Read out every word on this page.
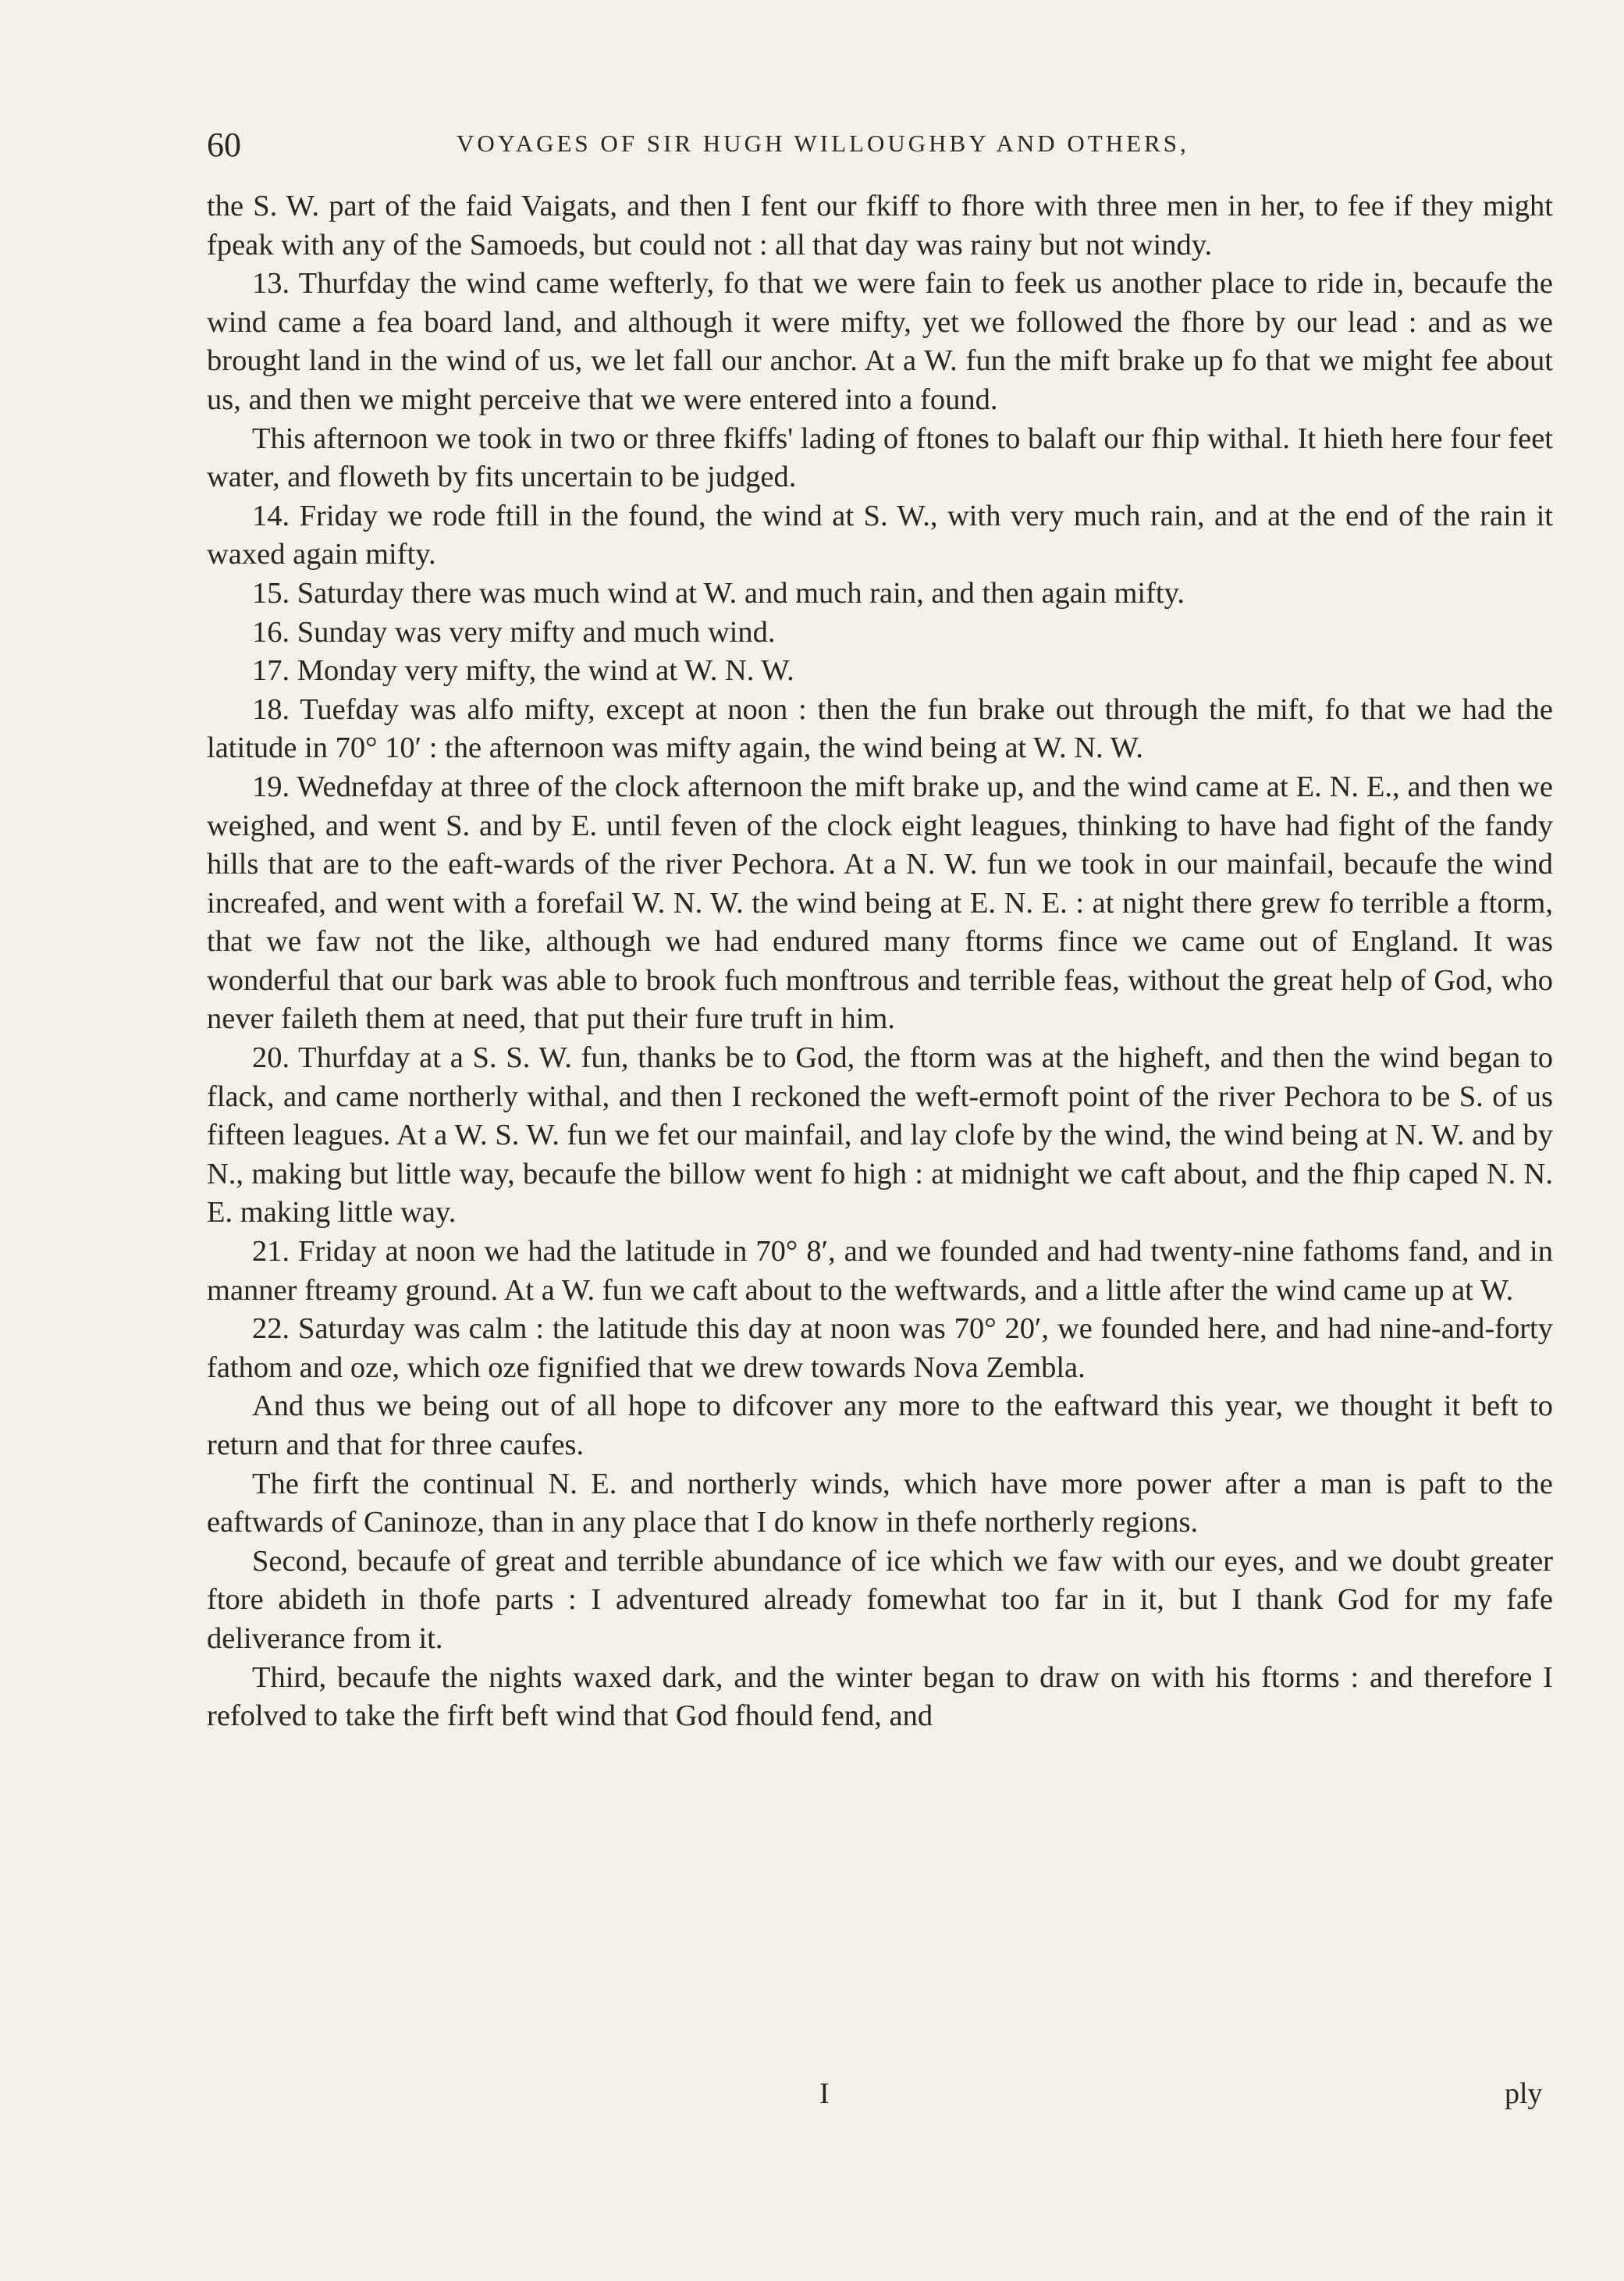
60	VOYAGES OF SIR HUGH WILLOUGHBY AND OTHERS,

the S. W. part of the faid Vaigats, and then I fent our fkiff to fhore with three men in her, to fee if they might fpeak with any of the Samoeds, but could not : all that day was rainy but not windy.

13. Thurfday the wind came wefterly, fo that we were fain to feek us another place to ride in, becaufe the wind came a fea board land, and although it were mifty, yet we followed the fhore by our lead : and as we brought land in the wind of us, we let fall our anchor. At a W. fun the mift brake up fo that we might fee about us, and then we might perceive that we were entered into a found.

This afternoon we took in two or three fkiffs' lading of ftones to balaft our fhip withal. It hieth here four feet water, and floweth by fits uncertain to be judged.

14. Friday we rode ftill in the found, the wind at S. W., with very much rain, and at the end of the rain it waxed again mifty.

15. Saturday there was much wind at W. and much rain, and then again mifty.

16. Sunday was very mifty and much wind.

17. Monday very mifty, the wind at W. N. W.

18. Tuefday was alfo mifty, except at noon : then the fun brake out through the mift, fo that we had the latitude in 70° 10′ : the afternoon was mifty again, the wind being at W. N. W.

19. Wednefday at three of the clock afternoon the mift brake up, and the wind came at E. N. E., and then we weighed, and went S. and by E. until feven of the clock eight leagues, thinking to have had fight of the fandy hills that are to the eaft-wards of the river Pechora. At a N. W. fun we took in our mainfail, becaufe the wind increafed, and went with a forefail W. N. W. the wind being at E. N. E. : at night there grew fo terrible a ftorm, that we faw not the like, although we had endured many ftorms fince we came out of England. It was wonderful that our bark was able to brook fuch monftrous and terrible feas, without the great help of God, who never faileth them at need, that put their fure truft in him.

20. Thurfday at a S. S. W. fun, thanks be to God, the ftorm was at the higheft, and then the wind began to flack, and came northerly withal, and then I reckoned the weft-ermoft point of the river Pechora to be S. of us fifteen leagues. At a W. S. W. fun we fet our mainfail, and lay clofe by the wind, the wind being at N. W. and by N., making but little way, becaufe the billow went fo high : at midnight we caft about, and the fhip caped N. N. E. making little way.

21. Friday at noon we had the latitude in 70° 8′, and we founded and had twenty-nine fathoms fand, and in manner ftreamy ground. At a W. fun we caft about to the weftwards, and a little after the wind came up at W.

22. Saturday was calm : the latitude this day at noon was 70° 20′, we founded here, and had nine-and-forty fathom and oze, which oze fignified that we drew towards Nova Zembla.

And thus we being out of all hope to difcover any more to the eaftward this year, we thought it beft to return and that for three caufes.

The firft the continual N. E. and northerly winds, which have more power after a man is paft to the eaftwards of Caninoze, than in any place that I do know in thefe northerly regions.

Second, becaufe of great and terrible abundance of ice which we faw with our eyes, and we doubt greater ftore abideth in thofe parts : I adventured already fomewhat too far in it, but I thank God for my fafe deliverance from it.

Third, becaufe the nights waxed dark, and the winter began to draw on with his ftorms : and therefore I refolved to take the firft beft wind that God fhould fend, and

I	ply
